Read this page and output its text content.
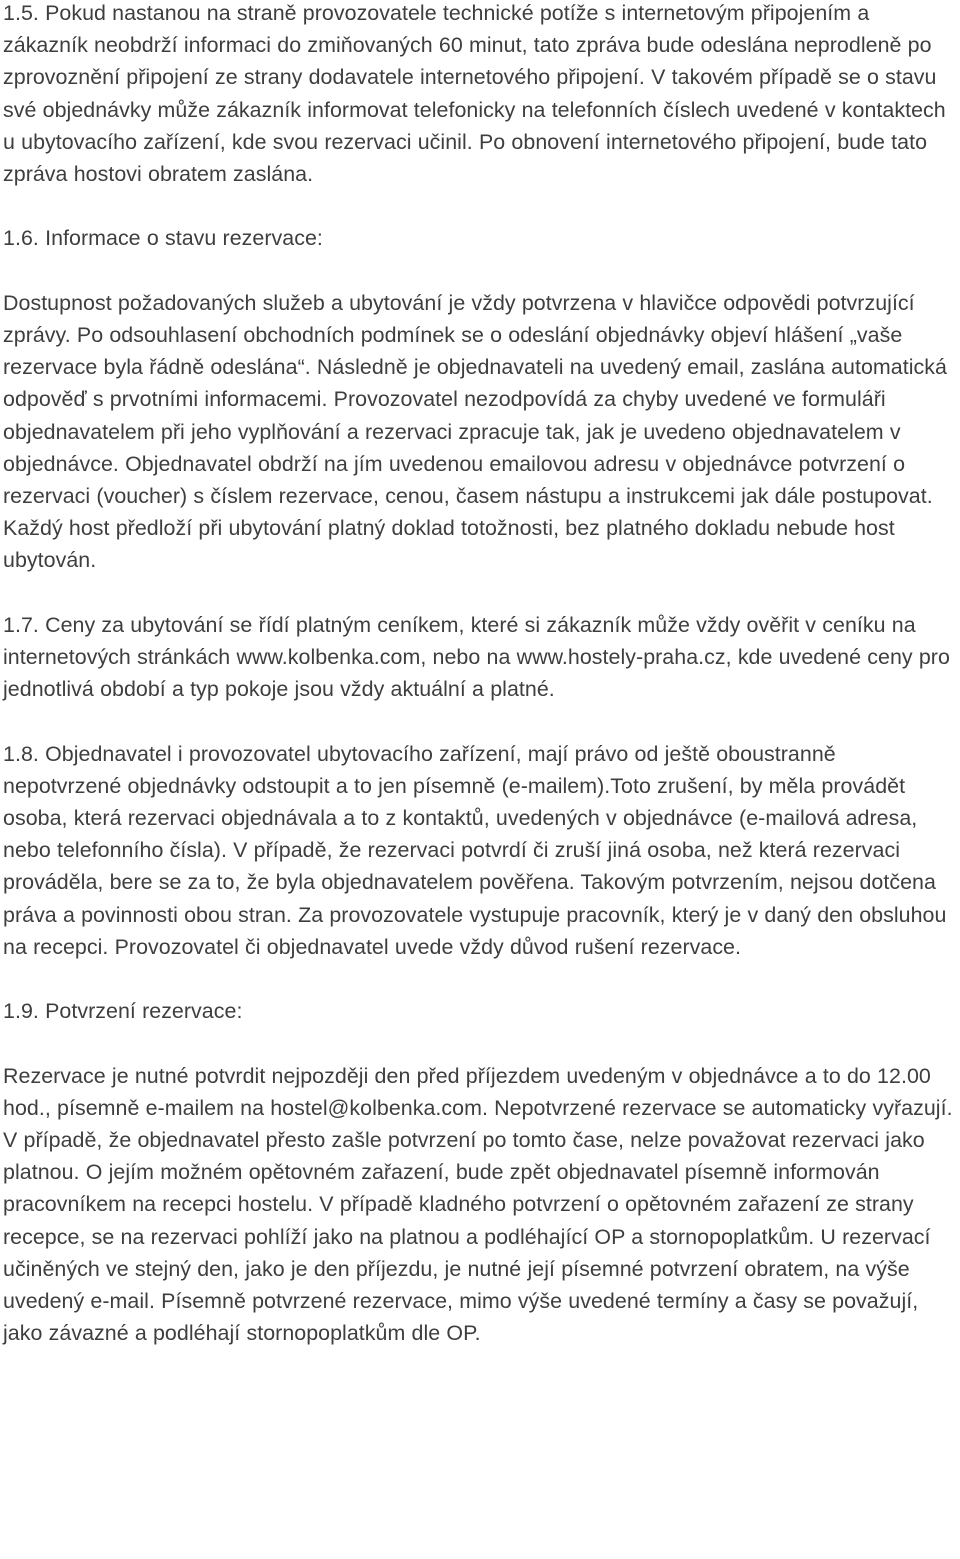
1.5. Pokud nastanou na straně provozovatele technické potíže s internetovým připojením a zákazník neobdrží informaci do zmiňovaných 60 minut, tato zpráva bude odeslána neprodleně po zprovoznění připojení ze strany dodavatele internetového připojení. V takovém případě se o stavu své objednávky může zákazník informovat telefonicky na telefonních číslech uvedené v kontaktech u ubytovacího zařízení, kde svou rezervaci učinil. Po obnovení internetového připojení, bude tato zpráva hostovi obratem zaslána.

1.6. Informace o stavu rezervace:

Dostupnost požadovaných služeb a ubytování je vždy potvrzena v hlavičce odpovědi potvrzující zprávy. Po odsouhlasení obchodních podmínek se o odeslání objednávky objeví hlášení „vaše rezervace byla řádně odeslána“. Následně je objednavateli na uvedený email, zaslána automatická odpověď s prvotními informacemi. Provozovatel nezodpovídá za chyby uvedené ve formuláři objednavatelem při jeho vyplňování a rezervaci zpracuje tak, jak je uvedeno objednavatelem v objednávce. Objednavatel obdrží na jím uvedenou emailovou adresu v objednávce potvrzení o rezervaci (voucher) s číslem rezervace, cenou, časem nástupu a instrukcemi jak dále postupovat. Každý host předloží při ubytování platný doklad totožnosti, bez platného dokladu nebude host ubytován.

1.7. Ceny za ubytování se řídí platným ceníkem, které si zákazník může vždy ověřit v ceníku na internetových stránkách www.kolbenka.com, nebo na www.hostely-praha.cz, kde uvedené ceny pro jednotlivá období a typ pokoje jsou vždy aktuální a platné.

1.8. Objednavatel i provozovatel ubytovacího zařízení, mají právo od ještě oboustranně nepotvrzené objednávky odstoupit a to jen písemně (e-mailem).Toto zrušení, by měla provádět osoba, která rezervaci objednávala a to z kontaktů, uvedených v objednávce (e-mailová adresa, nebo telefonního čísla). V případě, že rezervaci potvrdí či zruší jiná osoba, než která rezervaci prováděla, bere se za to, že byla objednavatelem pověřena. Takovým potvrzením, nejsou dotčena práva a povinnosti obou stran. Za provozovatele vystupuje pracovník, který je v daný den obsluhou na recepci. Provozovatel či objednavatel uvede vždy důvod rušení rezervace.

1.9. Potvrzení rezervace:

Rezervace je nutné potvrdit nejpozději den před příjezdem uvedeným v objednávce a to do 12.00 hod., písemně e-mailem na hostel@kolbenka.com. Nepotvrzené rezervace se automaticky vyřazují. V případě, že objednavatel přesto zašle potvrzení po tomto čase, nelze považovat rezervaci jako platnou. O jejím možném opětovném zařazení, bude zpět objednavatel písemně informován pracovníkem na recepci hostelu. V případě kladného potvrzení o opětovném zařazení ze strany recepce, se na rezervaci pohlíží jako na platnou a podléhající OP a stornopoplatkům. U rezervací učiněných ve stejný den, jako je den příjezdu, je nutné její písemné potvrzení obratem, na výše uvedený e-mail. Písemně potvrzené rezervace, mimo výše uvedené termíny a časy se považují, jako závazné a podléhají stornopoplatkům dle OP.
